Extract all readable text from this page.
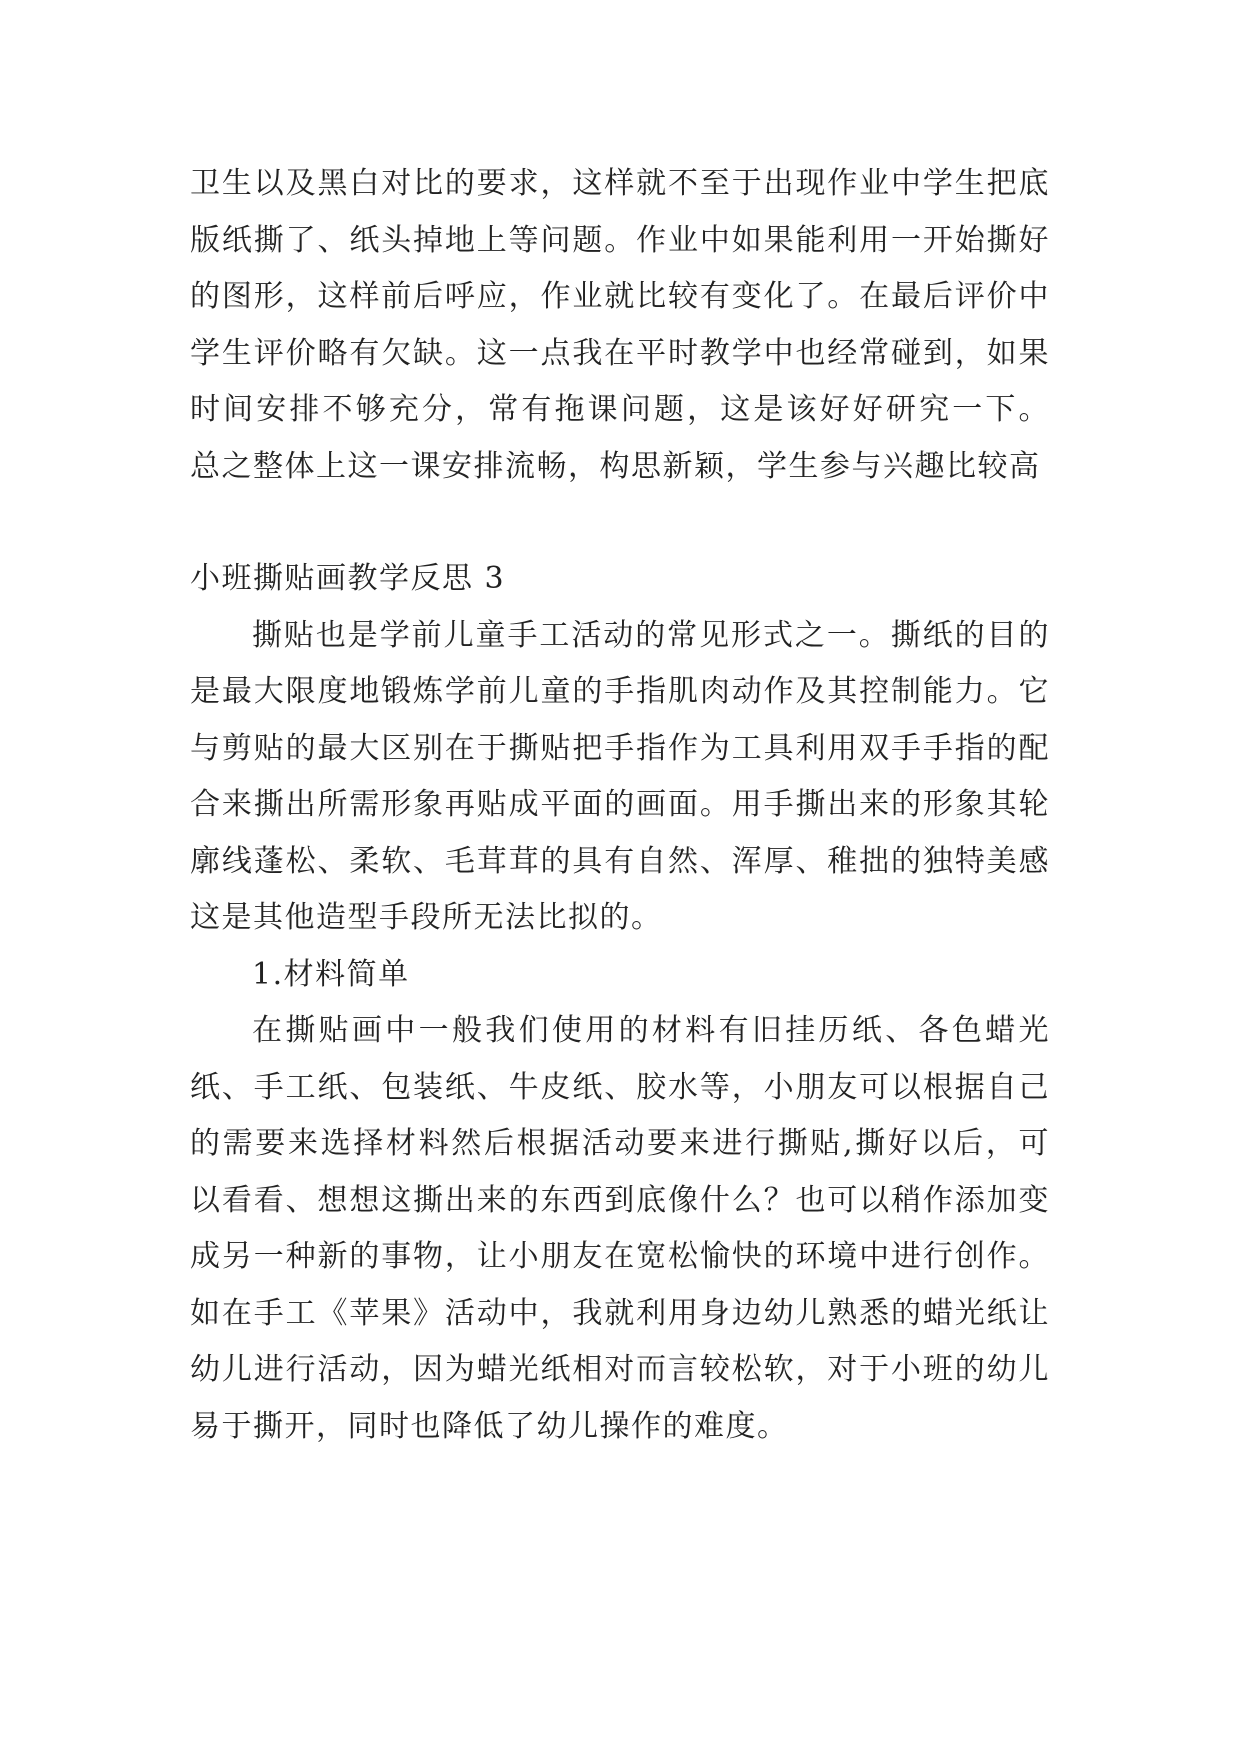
卫生以及黑白对比的要求，这样就不至于出现作业中学生把底版纸撕了、纸头掉地上等问题。作业中如果能利用一开始撕好的图形，这样前后呼应，作业就比较有变化了。在最后评价中学生评价略有欠缺。这一点我在平时教学中也经常碰到，如果时间安排不够充分，常有拖课问题，这是该好好研究一下。 总之整体上这一课安排流畅，构思新颖，学生参与兴趣比较高

小班撕贴画教学反思 3

撕贴也是学前儿童手工活动的常见形式之一。撕纸的目的是最大限度地锻炼学前儿童的手指肌肉动作及其控制能力。它与剪贴的最大区别在于撕贴把手指作为工具利用双手手指的配合来撕出所需形象再贴成平面的画面。用手撕出来的形象其轮廓线蓬松、柔软、毛茸茸的具有自然、浑厚、稚拙的独特美感这是其他造型手段所无法比拟的。

1.材料简单

在撕贴画中一般我们使用的材料有旧挂历纸、各色蜡光纸、手工纸、包装纸、牛皮纸、胶水等，小朋友可以根据自己的需要来选择材料然后根据活动要来进行撕贴,撕好以后，可以看看、想想这撕出来的东西到底像什么？也可以稍作添加变成另一种新的事物，让小朋友在宽松愉快的环境中进行创作。如在手工《苹果》活动中，我就利用身边幼儿熟悉的蜡光纸让幼儿进行活动，因为蜡光纸相对而言较松软，对于小班的幼儿易于撕开，同时也降低了幼儿操作的难度。
